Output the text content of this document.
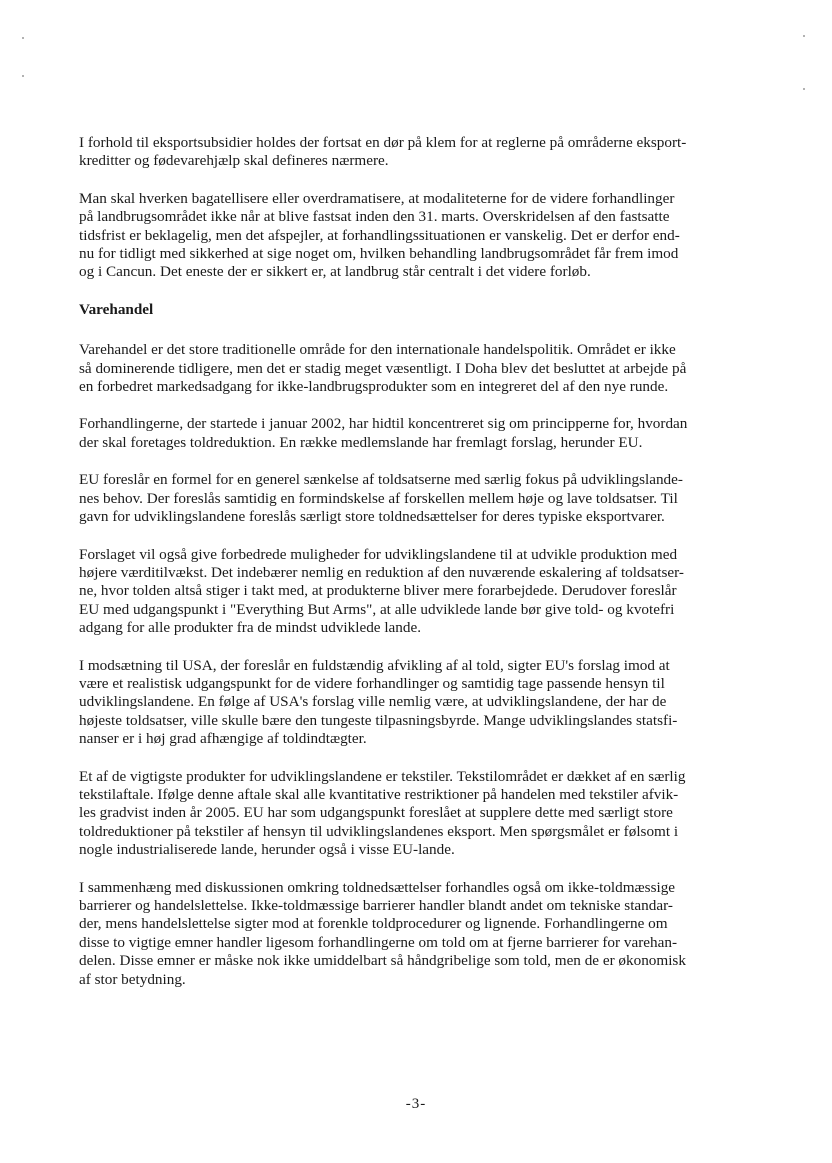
I forhold til eksportsubsidier holdes der fortsat en dør på klem for at reglerne på områderne eksport-
kreditter og fødevarehjælp skal defineres nærmere.

Man skal hverken bagatellisere eller overdramatisere, at modaliteterne for de videre forhandlinger
på landbrugsområdet ikke når at blive fastsat inden den 31. marts. Overskridelsen af den fastsatte
tidsfrist er beklagelig, men det afspejler, at forhandlingssituationen er vanskelig. Det er derfor end-
nu for tidligt med sikkerhed at sige noget om, hvilken behandling landbrugsområdet får frem imod
og i Cancun. Det eneste der er sikkert er, at landbrug står centralt i det videre forløb.

Varehandel

Varehandel er det store traditionelle område for den internationale handelspolitik. Området er ikke
så dominerende tidligere, men det er stadig meget væsentligt. I Doha blev det besluttet at arbejde på
en forbedret markedsadgang for ikke-landbrugsprodukter som en integreret del af den nye runde.

Forhandlingerne, der startede i januar 2002, har hidtil koncentreret sig om principperne for, hvordan
der skal foretages toldreduktion. En række medlemslande har fremlagt forslag, herunder EU.

EU foreslår en formel for en generel sænkelse af toldsatserne med særlig fokus på udviklingslande-
nes behov. Der foreslås samtidig en formindskelse af forskellen mellem høje og lave toldsatser. Til
gavn for udviklingslandene foreslås særligt store toldnedsættelser for deres typiske eksportvarer.

Forslaget vil også give forbedrede muligheder for udviklingslandene til at udvikle produktion med
højere værditilvækst. Det indebærer nemlig en reduktion af den nuværende eskalering af toldsatser-
ne, hvor tolden altså stiger i takt med, at produkterne bliver mere forarbejdede. Derudover foreslår
EU med udgangspunkt i "Everything But Arms", at alle udviklede lande bør give told- og kvotefri
adgang for alle produkter fra de mindst udviklede lande.

I modsætning til USA, der foreslår en fuldstændig afvikling af al told, sigter EU's forslag imod at
være et realistisk udgangspunkt for de videre forhandlinger og samtidig tage passende hensyn til
udviklingslandene. En følge af USA's forslag ville nemlig være, at udviklingslandene, der har de
højeste toldsatser, ville skulle bære den tungeste tilpasningsbyrde. Mange udviklingslandes statsfi-
nanser er i høj grad afhængige af toldindtægter.

Et af de vigtigste produkter for udviklingslandene er tekstiler. Tekstilområdet er dækket af en særlig
tekstilaftale. Ifølge denne aftale skal alle kvantitative restriktioner på handelen med tekstiler afvik-
les gradvist inden år 2005. EU har som udgangspunkt foreslået at supplere dette med særligt store
toldreduktioner på tekstiler af hensyn til udviklingslandenes eksport. Men spørgsmålet er følsomt i
nogle industrialiserede lande, herunder også i visse EU-lande.

I sammenhæng med diskussionen omkring toldnedsættelser forhandles også om ikke-toldmæssige
barrierer og handelslettelse. Ikke-toldmæssige barrierer handler blandt andet om tekniske standar-
der, mens handelslettelse sigter mod at forenkle toldprocedurer og lignende. Forhandlingerne om
disse to vigtige emner handler ligesom forhandlingerne om told om at fjerne barrierer for varehan-
delen. Disse emner er måske nok ikke umiddelbart så håndgribelige som told, men de er økonomisk
af stor betydning.

-3-
